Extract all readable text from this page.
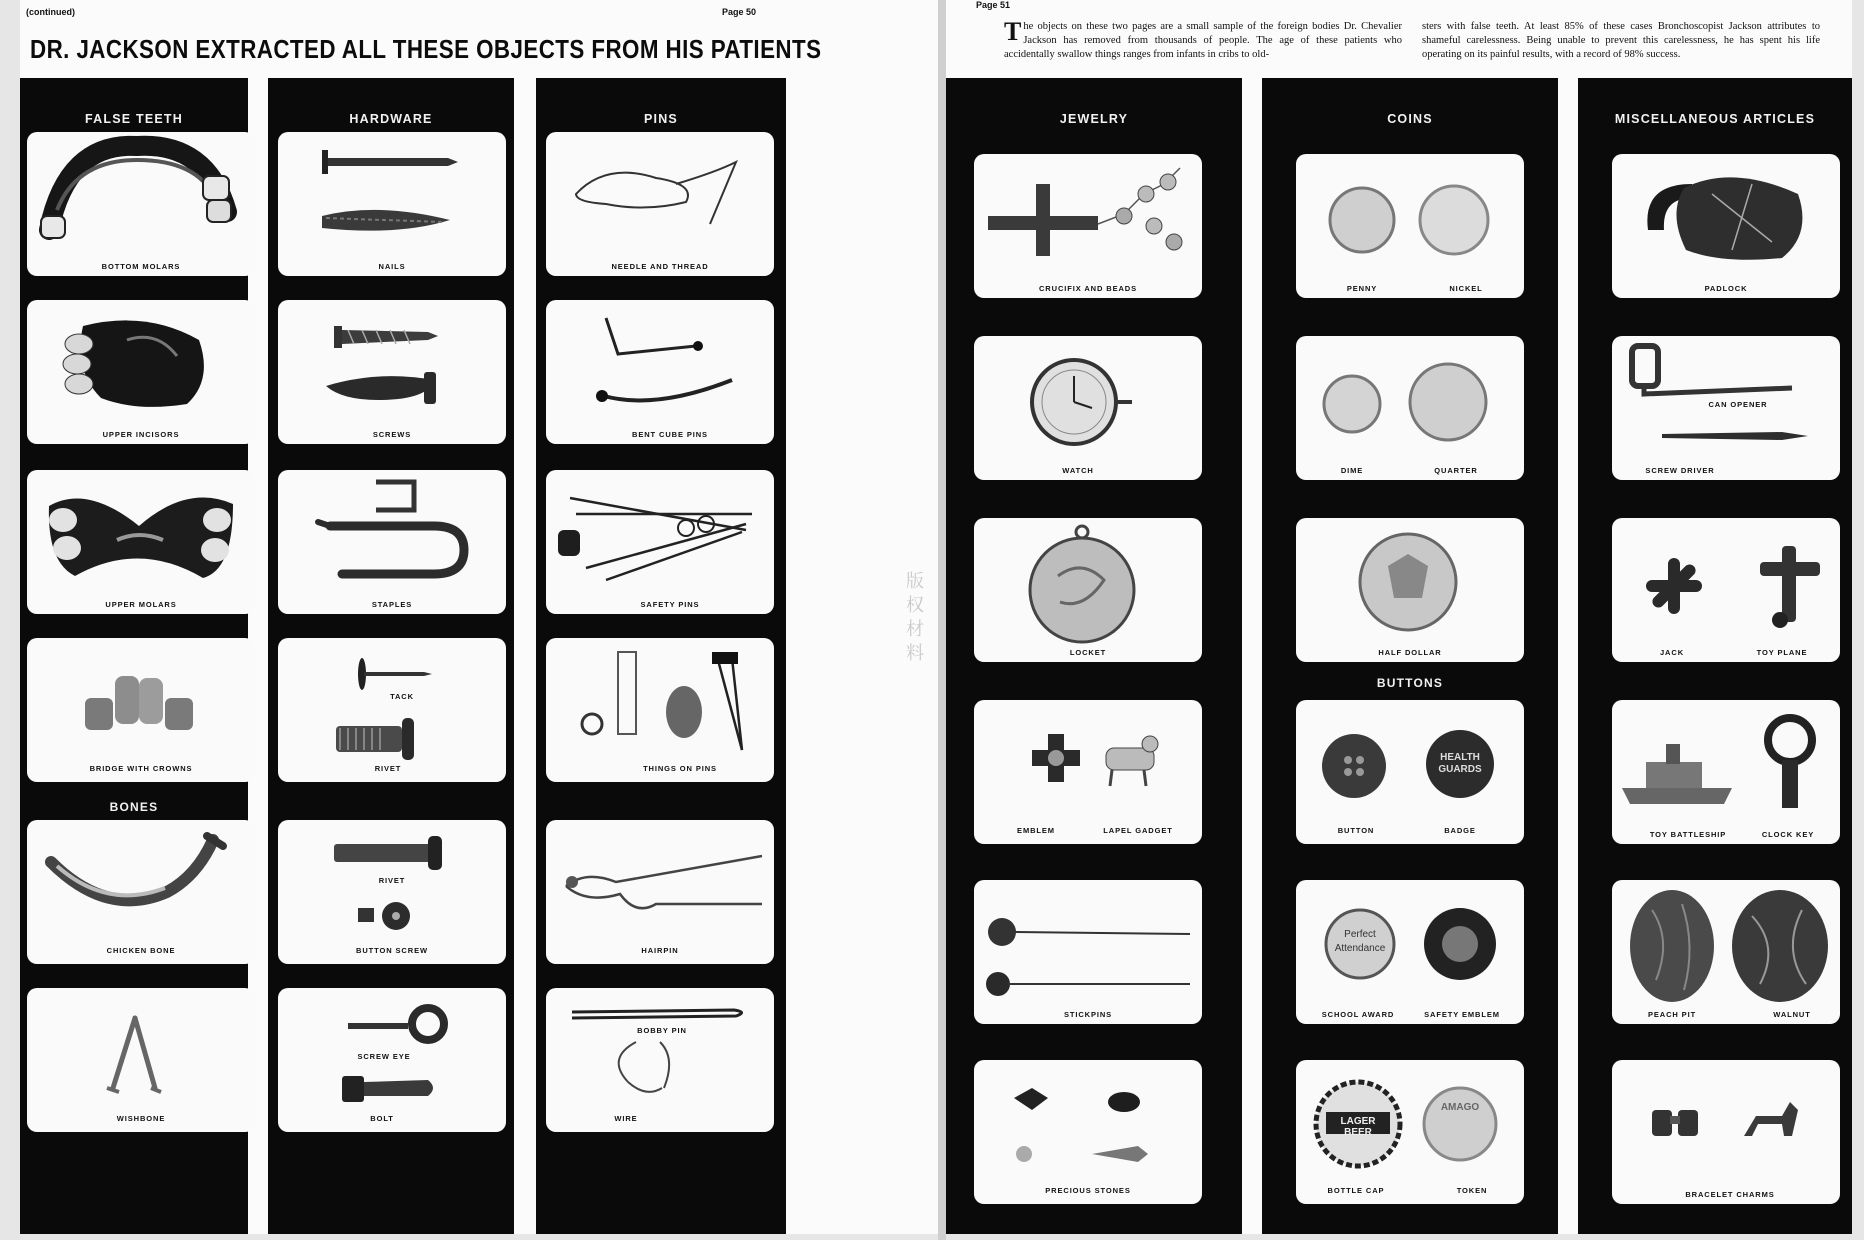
(continued)	Page 50
DR. JACKSON EXTRACTED ALL THESE OBJECTS FROM HIS PATIENTS
FALSE TEETH
BOTTOM MOLARS
UPPER INCISORS
UPPER MOLARS
BRIDGE WITH CROWNS
BONES
CHICKEN BONE
WISHBONE
HARDWARE
NAILS
SCREWS
STAPLES
TACK
RIVET
RIVET
BUTTON SCREW
SCREW EYE
BOLT
PINS
NEEDLE AND THREAD
BENT CUBE PINS
SAFETY PINS
THINGS ON PINS
HAIRPIN
BOBBY PIN
WIRE
版权材料
Page 51
The objects on these two pages are a small sample of the foreign bodies Dr. Chevalier Jackson has removed from thousands of people. The age of these patients who accidentally swallow things ranges from infants in cribs to old-
sters with false teeth. At least 85% of these cases Bronchoscopist Jackson attributes to shameful carelessness. Being unable to prevent this carelessness, he has spent his life operating on its painful results, with a record of 98% success.
JEWELRY
CRUCIFIX AND BEADS
WATCH
LOCKET
EMBLEM	LAPEL GADGET
STICKPINS
PRECIOUS STONES
COINS
PENNY	NICKEL
DIME	QUARTER
HALF DOLLAR
BUTTONS
HEALTH GUARDS
BUTTON	BADGE
Perfect Attendance
SCHOOL AWARD	SAFETY EMBLEM
LAGER BEER
AMAGO
BOTTLE CAP	TOKEN
MISCELLANEOUS ARTICLES
PADLOCK
CAN OPENER
SCREW DRIVER
JACK	TOY PLANE
TOY BATTLESHIP	CLOCK KEY
PEACH PIT	WALNUT
BRACELET CHARMS
